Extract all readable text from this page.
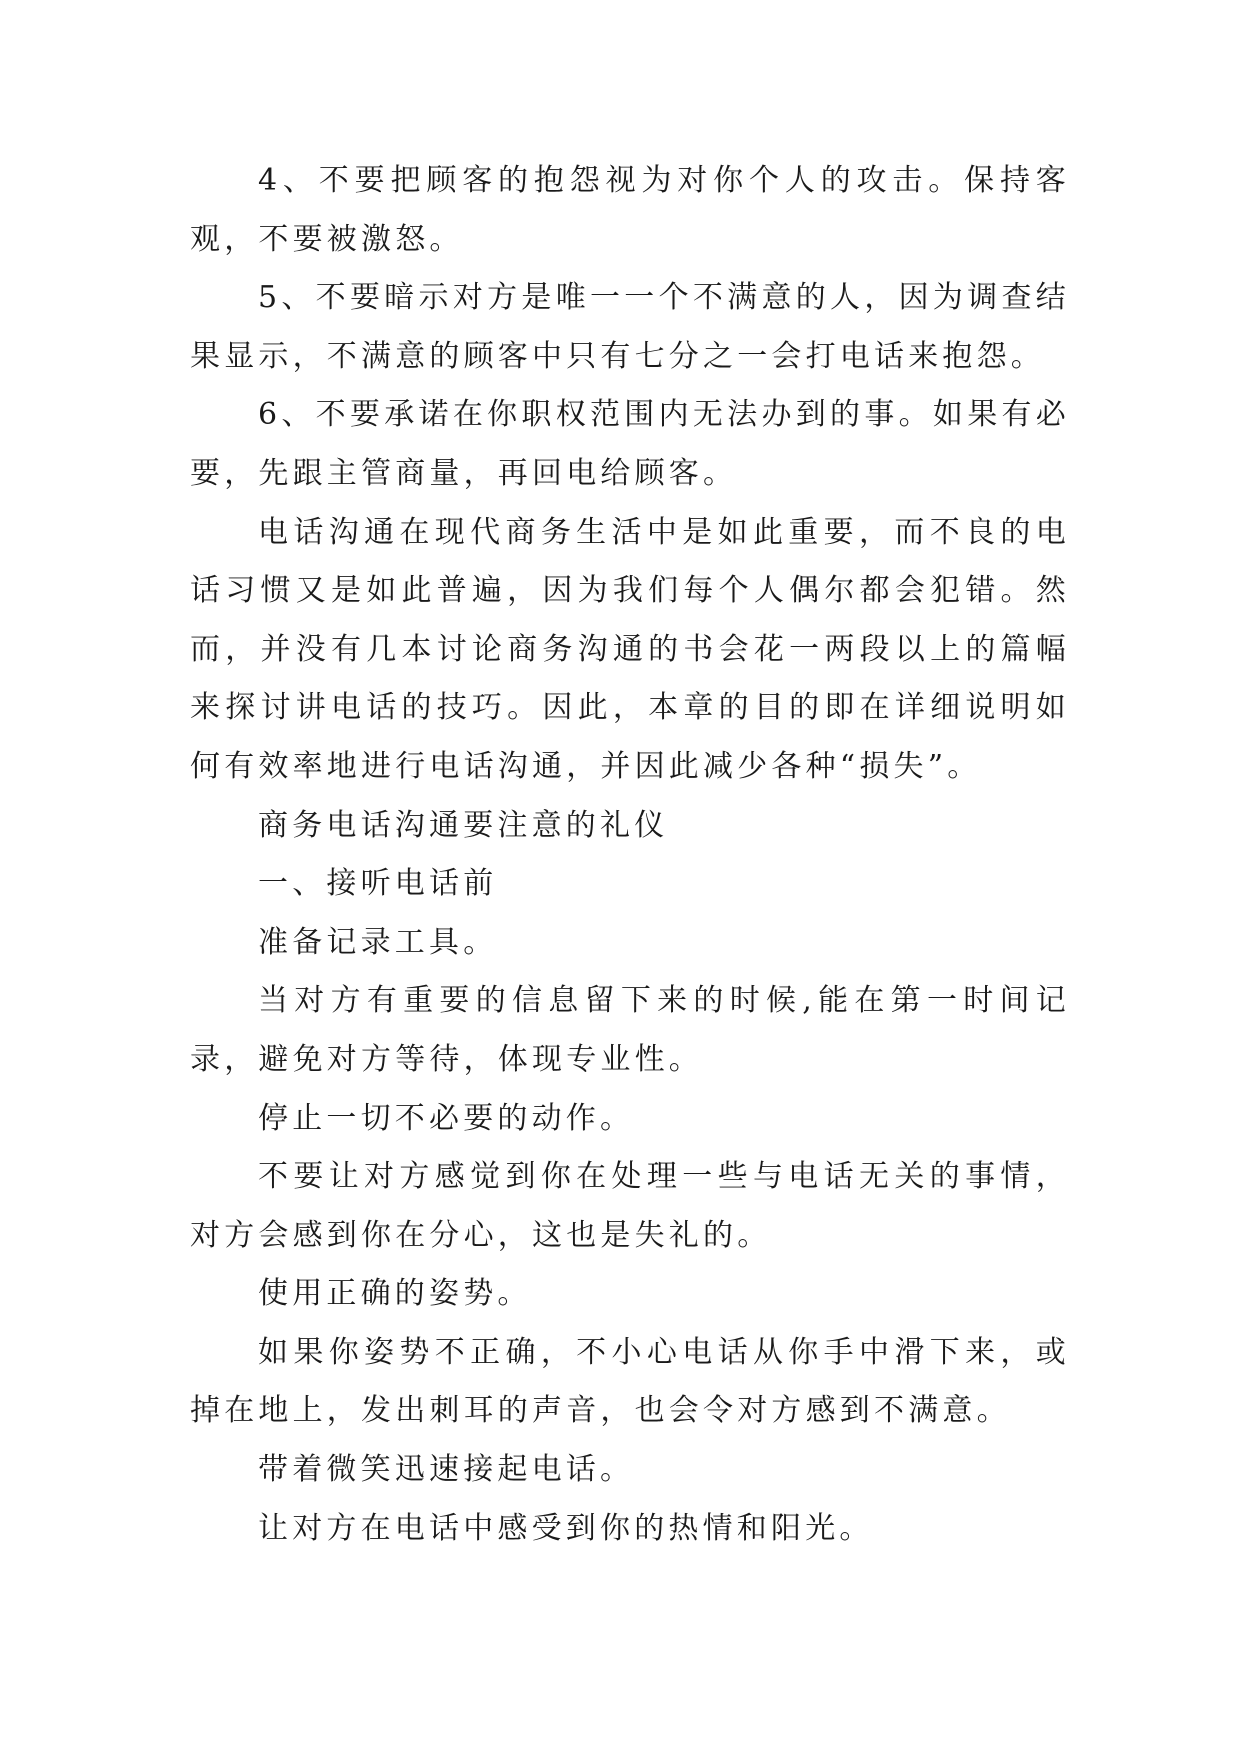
4、不要把顾客的抱怨视为对你个人的攻击。保持客观，不要被激怒。

5、不要暗示对方是唯一一个不满意的人，因为调查结果显示，不满意的顾客中只有七分之一会打电话来抱怨。

6、不要承诺在你职权范围内无法办到的事。如果有必要，先跟主管商量，再回电给顾客。

电话沟通在现代商务生活中是如此重要，而不良的电话习惯又是如此普遍，因为我们每个人偶尔都会犯错。然而，并没有几本讨论商务沟通的书会花一两段以上的篇幅来探讨讲电话的技巧。因此，本章的目的即在详细说明如何有效率地进行电话沟通，并因此减少各种“损失”。

商务电话沟通要注意的礼仪

一、接听电话前

准备记录工具。

当对方有重要的信息留下来的时候,能在第一时间记录，避免对方等待，体现专业性。

停止一切不必要的动作。

不要让对方感觉到你在处理一些与电话无关的事情，对方会感到你在分心，这也是失礼的。

使用正确的姿势。

如果你姿势不正确，不小心电话从你手中滑下来，或掉在地上，发出刺耳的声音，也会令对方感到不满意。

带着微笑迅速接起电话。

让对方在电话中感受到你的热情和阳光。
